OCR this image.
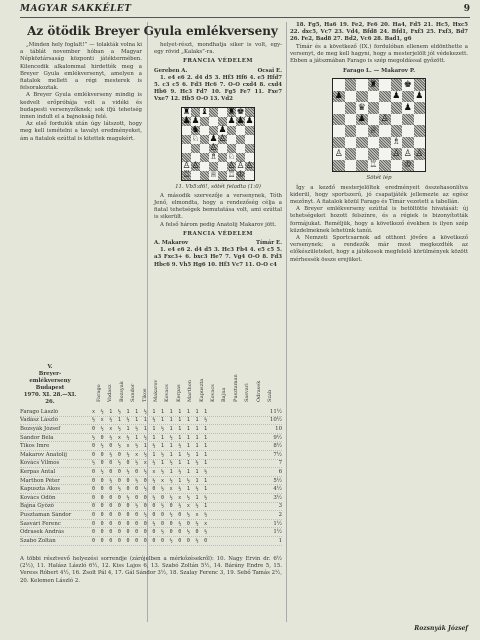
MAGYAR SAKKÉLET	9
Az ötödik Breyer Gyula emlékverseny

„Minden hely foglalt!” — tolakták volna ki a táblát november hóban a Magyar Népköztársaság központi játéktermében. Kilencedik alkalommal hirdették meg a Breyer Gyula emlékversenyt, amelyen a fiatalok mellett a régi mesterek is felsorakoztak.

A Breyer Gyula emlékverseny mindig is kedvelt erőpróbája volt a vidéki és budapesti versenyzőknek; sok ifjú tehetség innen indult el a bajnokság felé.

Az első fordulók után úgy látszott, hogy meg kell ismételni a tavalyi eredményeket, ám a fiatalok ezúttal is kitettek magukért.

helyet-részt, mondhatja siker is volt, egy-egy rövid „Kalaks”-ra.

FRANCIA VÉDELEM
Gereben A.	Ocsai E.

1. e4 e6 2. d4 d5 3. Hf3 Hf6 4. e5 Hfd7 5. c3 c5 6. Fd3 Hc6 7. O-O cxd4 8. cxd4 Hb6 9. Hc3 Fd7 10. Fg5 Fe7 11. Fxe7 Vxe7 12. Hb5 O-O 13. Vd2

♜ ♝ ♜ ♚
♟ ♟	♟ ♟ ♟
♞ ♟
♘ ♟ ♙
♙
♗ ♘
♙ ♙	♙ ♙ ♙
♖ ♕ ♖ ♔
11. Vb5:d6!, sötét feladta (1:0)

A második szervezője a versenynek, Tóth Jenő, elmondta, hogy a rendezőség célja a fiatal tehetségek bemutatása volt, ami ezúttal is sikerült.

A felső három pedig Anatolij Makarov jött.

FRANCIA VÉDELEM
A. Makarov	Tímár E.

1. e4 e6 2. d4 d5 3. Hc3 Fb4 4. e5 c5 5. a3 Fxc3+ 6. bxc3 He7 7. Vg4 O-O 8. Fd3 Hbc6 9. Vh5 Hg6 10. Hf3 Vc7 11. O-O c4

18. Fg5, Ha6 19. Fe2, Fe6 20. Ha4, Fd5 21. Hc5, Hxc5 22. dxc5, Vc7 23. Vd4, Bfd8 24. Bfd1, Fxf3 25. Fxf3, Bd7 26. Fe2, Bad8 27. Bd2, Vc6 28. Bad1, g6

Tímár és a következő (IX.) fordulóban ellenem eldönthette a versenyt, de meg kell hagyni, hogy a mesterjelölt jól védekezett. Ebben a játszmában Farago is szép megoldással győzött.

Farago L. — Makarov P.
♜	♚
♟	♟ ♟
♛	♟
♟ ♙
♕
♗
♙	♙ ♙ ♙
♖	♔
Sötét lép

Így a kezdő mesterjelöltek eredményeit összehasonlítva kiderül, hogy sportszerű, jó csapatjáték jellemezte az egész mezőnyt. A fiatalok közül Farago és Tímár vezetett a tabellán.

A Breyer emlékverseny ezúttal is betöltötte hivatását: új tehetségeket hozott felszínre, és a régiek is bizonyították formájukat. Reméljük, hogy a következő években is ilyen szép küzdelmeknek lehetünk tanúi.

A Nemzeti Sportcsarnok ad otthont jövőre a következő versenynek; a rendezők már most megkezdték az előkészületeket, hogy a játékosok megfelelő körülmények között mérhessék össze erejüket.

V.
Breyer-emlékverseny
Budapest
1970. XI. 28.—XI. 26.	Farago Vadasz Bozsyak Sandor Tikos Makarov Kovacs Kerpas Marthon Kapuszta Kovacs Bajna Pusztaman Sasvari Odrasek Szab
Farago László	x ½ 1 ½ 1 1 ½ 1 1 1 1 1 1 1	11½
Vadász László	½ x ½ 1 ½ 1 1 ½ 1 1 1 1 1 ½	10½
Bozsyák József	0 ½ x ½ 1 ½ 1 1 ½ 1 1 1 1 1	10
Sándor Béla	½ 0 ½ x ½ 1 ½ 1 1 ½ 1 1 1 1	9½
Tikos Imre	0 ½ 0 ½ x ½ 1 ½ 1 1 ½ 1 1 1	8½
Makarov Anatolij	0 0 ½ 0 ½ x ½ 1 ½ 1 1 ½ 1 1	7½
Kovács Vilmos	½ 0 0 ½ 0 ½ x ½ 1 ½ 1 1 ½ 1	7
Kerpas Antal	0 ½ 0 0 ½ 0 ½ x ½ 1 ½ 1 1 ½	6
Marthon Péter	0 0 ½ 0 0 ½ 0 ½ x ½ 1 ½ 1 1	5½
Kapuszta Ákos	0 0 0 ½ 0 0 ½ 0 ½ x ½ 1 ½ 1	4½
Kovács Ödön	0 0 0 0 ½ 0 0 ½ 0 ½ x ½ 1 ½	3½
Bajna Győző	0 0 0 0 0 ½ 0 0 ½ 0 ½ x ½ 1	3
Pusztaman Sándor	0 0 0 0 0 0 ½ 0 0 ½ 0 ½ x ½	2
Sasvári Ferenc	0 0 0 0 0 0 0 ½ 0 0 ½ 0 ½ x	1½
Odrasek András	0 0 0 0 0 0 0 0 ½ 0 0 ½ 0 ½	1½
Szabó Zoltán	0 0 0 0 0 0 0 0 0 ½ 0 0 ½ 0	1

A többi résztvevő helyezési sorrendje (zárójelben a mérkőzésekről): 10. Nagy Ervin dr. 6½ (2½), 11. Halász László 6½, 12. Kiss Lajos 6, 13. Szabó Zoltán 5½, 14. Bárány Endre 5, 15. Veress Róbert 4½, 16. Zsolt Pál 4, 17. Gál Sándor 3½, 18. Szalay Ferenc 3, 19. Sebő Tamás 2½, 20. Kelemen László 2.

Rozsnyák József
